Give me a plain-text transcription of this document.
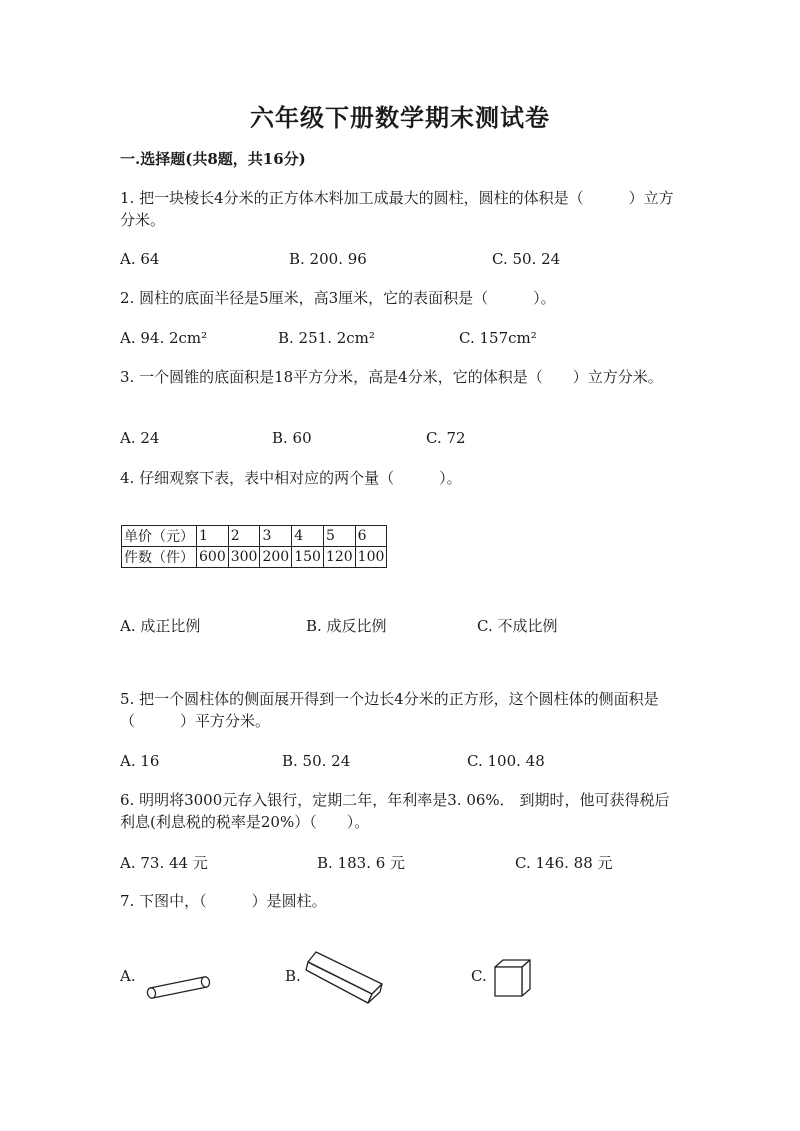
六年级下册数学期末测试卷
一.选择题(共8题，共16分)
1. 把一块棱长4分米的正方体木料加工成最大的圆柱，圆柱的体积是（　　　）立方分米。
A. 64	B. 200. 96	C. 50. 24
2. 圆柱的底面半径是5厘米，高3厘米，它的表面积是（　　　）。
A. 94. 2cm²	B. 251. 2cm²	C. 157cm²
3. 一个圆锥的底面积是18平方分米，高是4分米，它的体积是（　　）立方分米。
A. 24	B. 60	C. 72
4. 仔细观察下表，表中相对应的两个量（　　　）。
单价（元）	1	2	3	4	5	6
件数（件）	600	300	200	150	120	100
A. 成正比例	B. 成反比例	C. 不成比例
5. 把一个圆柱体的侧面展开得到一个边长4分米的正方形，这个圆柱体的侧面积是（　　　）平方分米。
A. 16	B. 50. 24	C. 100. 48
6. 明明将3000元存入银行，定期二年，年利率是3. 06%． 到期时，他可获得税后利息(利息税的税率是20%）（　　）。
A. 73. 44 元	B. 183. 6 元	C. 146. 88 元
7. 下图中，（　　　）是圆柱。
A.	B.	C.
